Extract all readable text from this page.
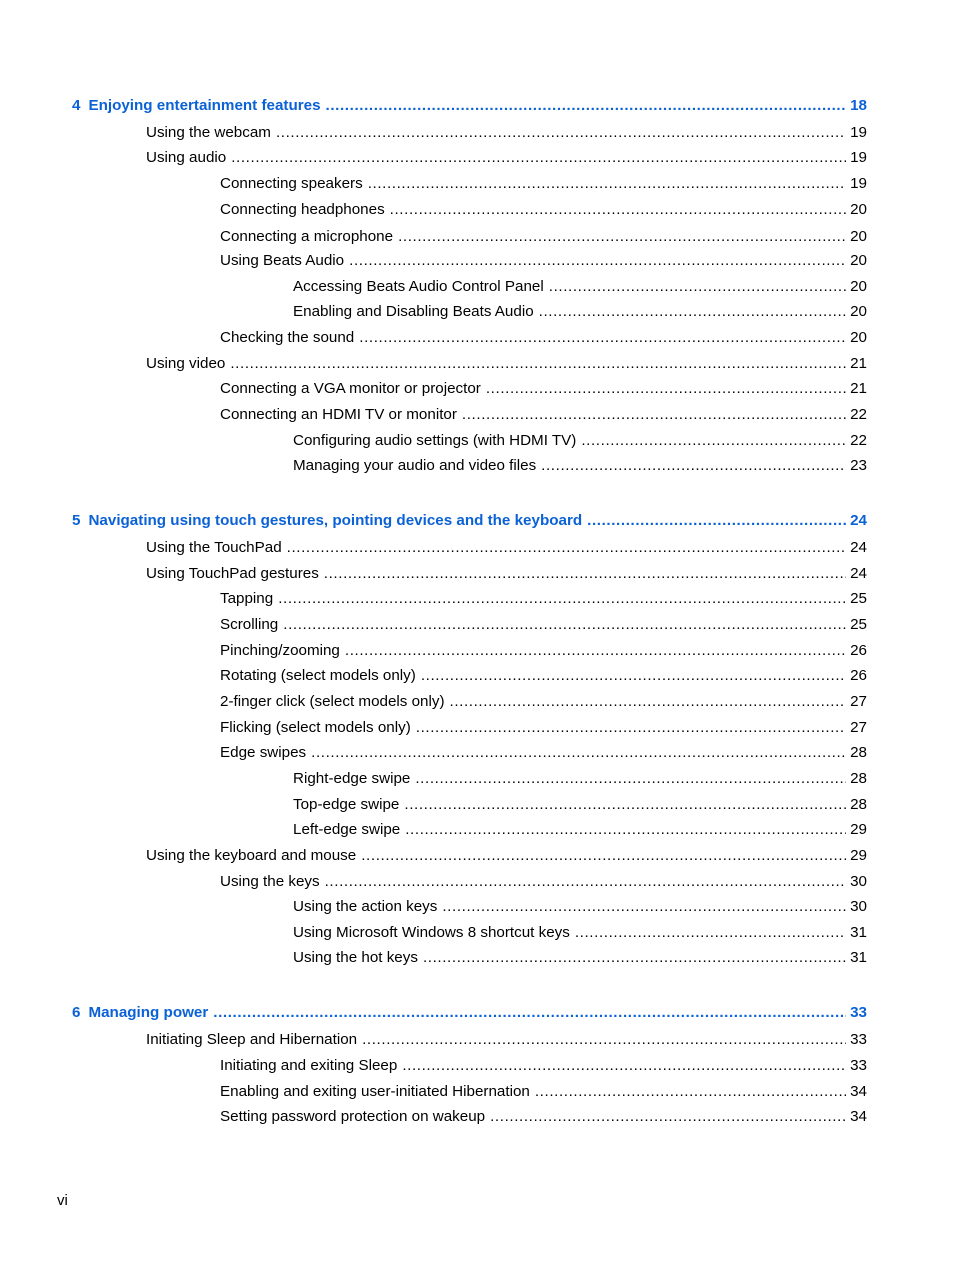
4 Enjoying entertainment features .....	18
Using the webcam .....	19
Using audio .....	19
Connecting speakers .....	19
Connecting headphones .....	20
Connecting a microphone .....	20
Using Beats Audio .....	20
Accessing Beats Audio Control Panel .....	20
Enabling and Disabling Beats Audio .....	20
Checking the sound .....	20
Using video .....	21
Connecting a VGA monitor or projector .....	21
Connecting an HDMI TV or monitor .....	22
Configuring audio settings (with HDMI TV) .....	22
Managing your audio and video files .....	23
5 Navigating using touch gestures, pointing devices and the keyboard .....	24
Using the TouchPad .....	24
Using TouchPad gestures .....	24
Tapping .....	25
Scrolling .....	25
Pinching/zooming .....	26
Rotating (select models only) .....	26
2-finger click (select models only) .....	27
Flicking (select models only) .....	27
Edge swipes .....	28
Right-edge swipe .....	28
Top-edge swipe .....	28
Left-edge swipe .....	29
Using the keyboard and mouse .....	29
Using the keys .....	30
Using the action keys .....	30
Using Microsoft Windows 8 shortcut keys .....	31
Using the hot keys .....	31
6 Managing power .....	33
Initiating Sleep and Hibernation .....	33
Initiating and exiting Sleep .....	33
Enabling and exiting user-initiated Hibernation .....	34
Setting password protection on wakeup .....	34
vi
